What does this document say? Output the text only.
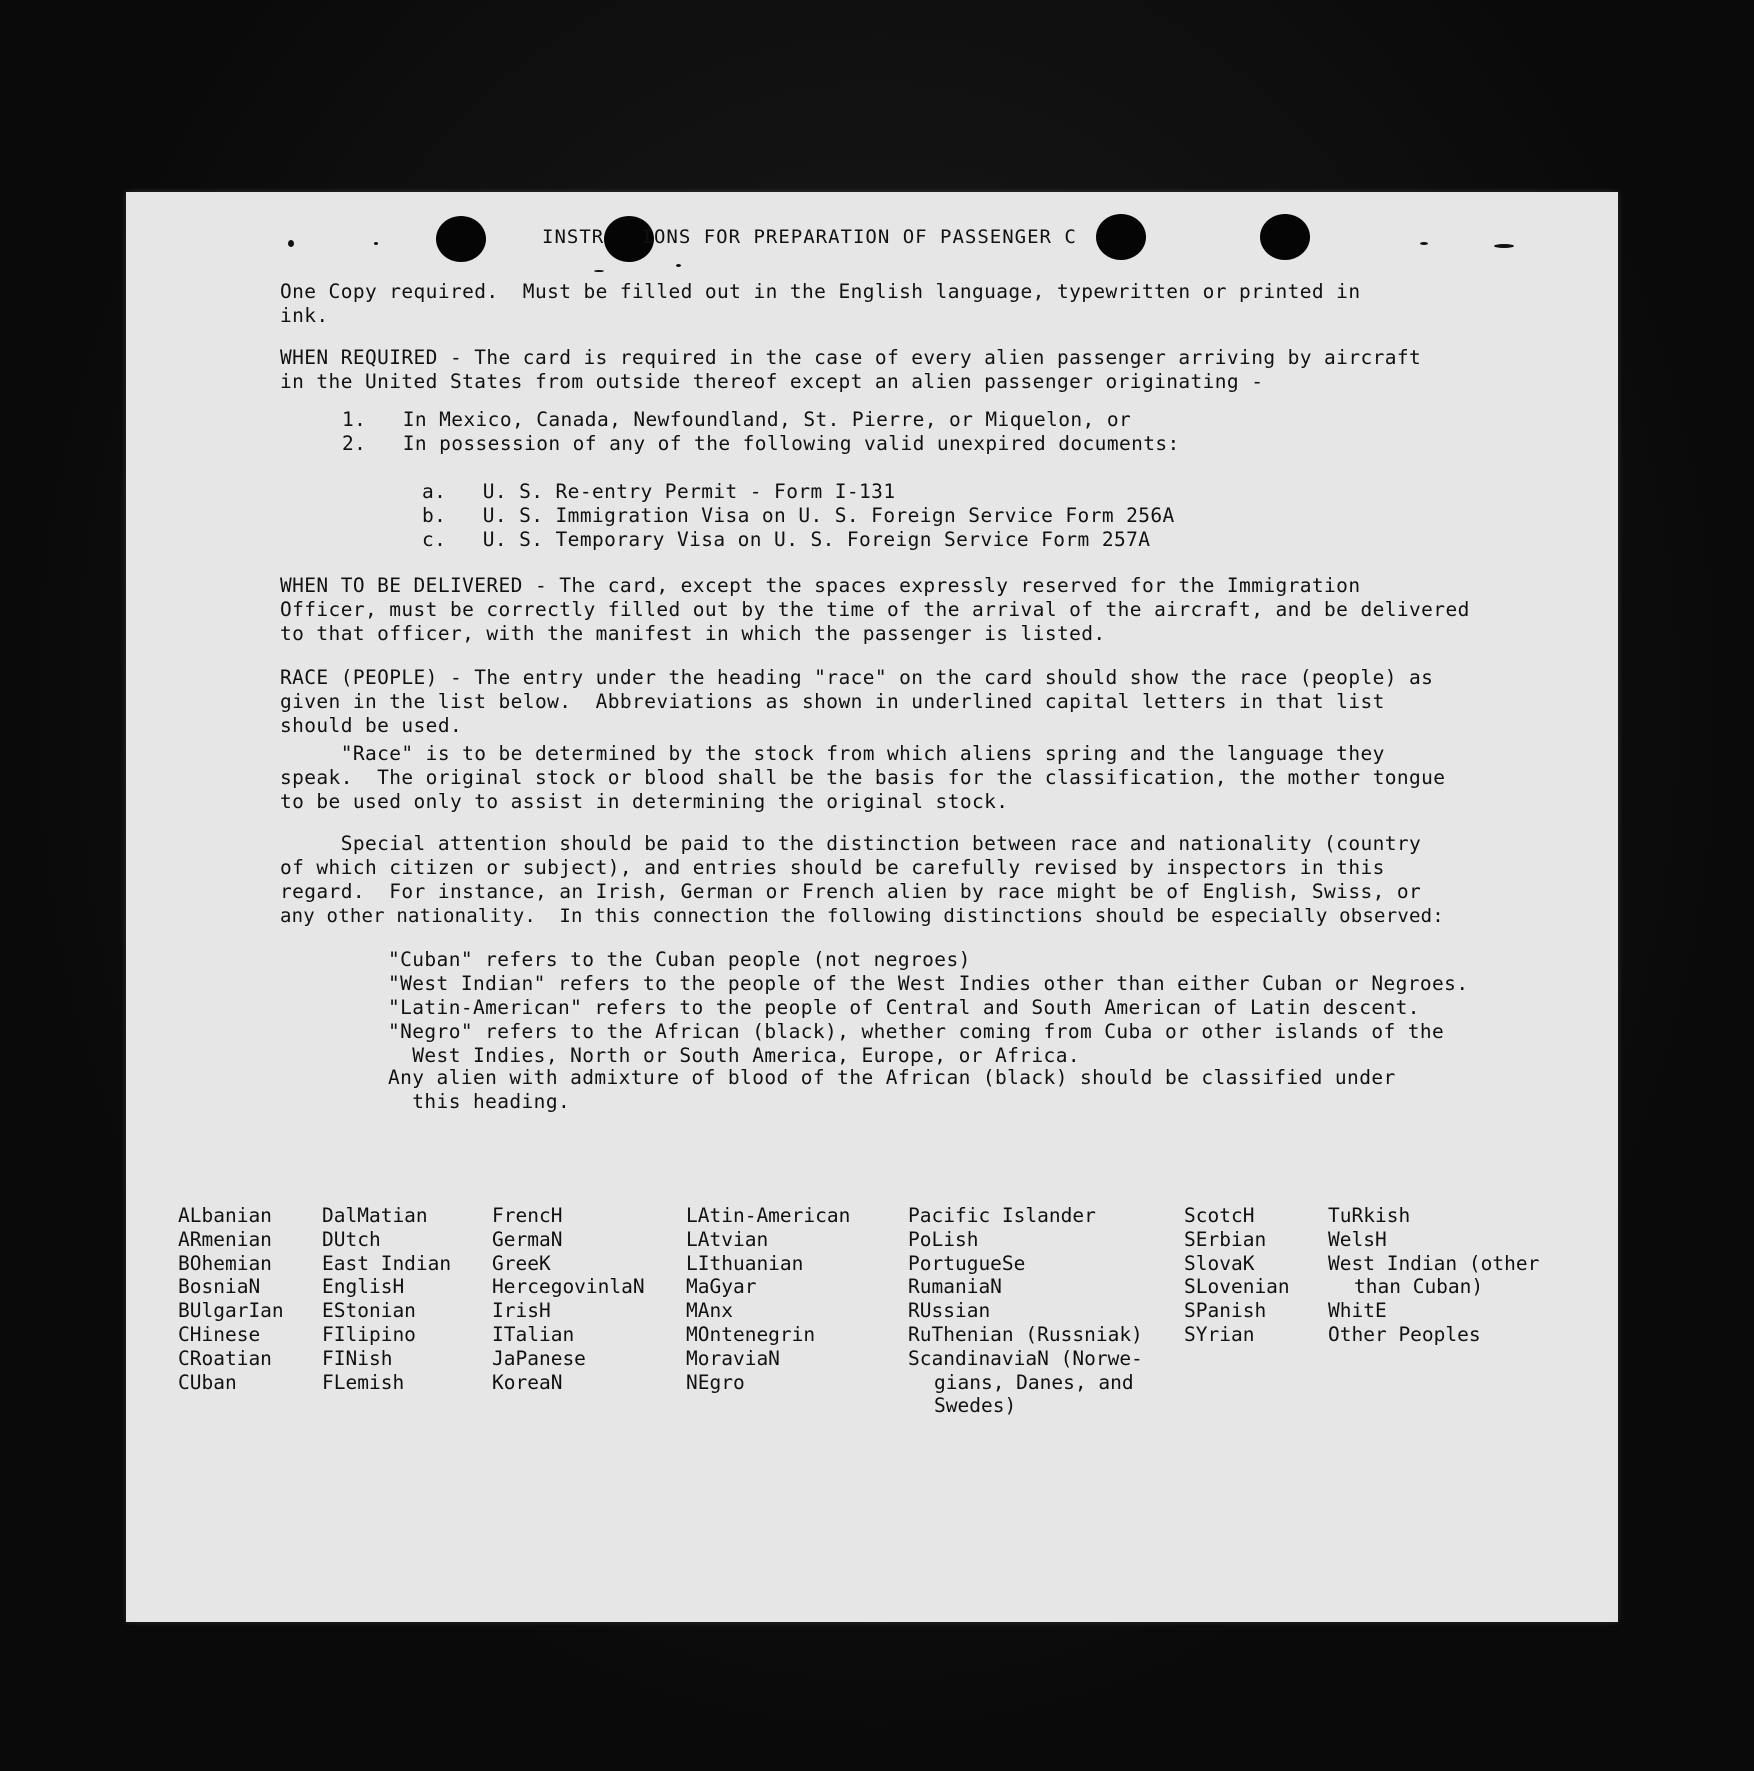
INSTR   IONS FOR PREPARATION OF PASSENGER C
One Copy required.  Must be filled out in the English language, typewritten or printed in
ink.
WHEN REQUIRED - The card is required in the case of every alien passenger arriving by aircraft
in the United States from outside thereof except an alien passenger originating -
1.   In Mexico, Canada, Newfoundland, St. Pierre, or Miquelon, or
2.   In possession of any of the following valid unexpired documents:
a.   U. S. Re-entry Permit - Form I-131
b.   U. S. Immigration Visa on U. S. Foreign Service Form 256A
c.   U. S. Temporary Visa on U. S. Foreign Service Form 257A
WHEN TO BE DELIVERED - The card, except the spaces expressly reserved for the Immigration
Officer, must be correctly filled out by the time of the arrival of the aircraft, and be delivered
to that officer, with the manifest in which the passenger is listed.
RACE (PEOPLE) - The entry under the heading "race" on the card should show the race (people) as
given in the list below.  Abbreviations as shown in underlined capital letters in that list
should be used.
"Race" is to be determined by the stock from which aliens spring and the language they
speak.  The original stock or blood shall be the basis for the classification, the mother tongue
to be used only to assist in determining the original stock.
Special attention should be paid to the distinction between race and nationality (country
of which citizen or subject), and entries should be carefully revised by inspectors in this
regard.  For instance, an Irish, German or French alien by race might be of English, Swiss, or
any other nationality.  In this connection the following distinctions should be especially observed:
"Cuban" refers to the Cuban people (not negroes)
"West Indian" refers to the people of the West Indies other than either Cuban or Negroes.
"Latin-American" refers to the people of Central and South American of Latin descent.
"Negro" refers to the African (black), whether coming from Cuba or other islands of the
West Indies, North or South America, Europe, or Africa.
Any alien with admixture of blood of the African (black) should be classified under
this heading.
ALbanian
ARmenian
BOhemian
BosniaN
BUlgarIan
CHinese
CRoatian
CUban
DalMatian
DUtch
East Indian
EnglisH
EStonian
FIlipino
FINish
FLemish
FrencH
GermaN
GreeK
HercegovinlaN
IrisH
ITalian
JaPanese
KoreaN
LAtin-American
LAtvian
LIthuanian
MaGyar
MAnx
MOntenegrin
MoraviaN
NEgro
Pacific Islander
PoLish
PortugueSe
RumaniaN
RUssian
RuThenian (Russniak)
ScandinaviaN (Norwe-
gians, Danes, and
Swedes)
ScotcH
SErbian
SlovaK
SLovenian
SPanish
SYrian
TuRkish
WelsH
West Indian (other
than Cuban)
WhitE
Other Peoples
